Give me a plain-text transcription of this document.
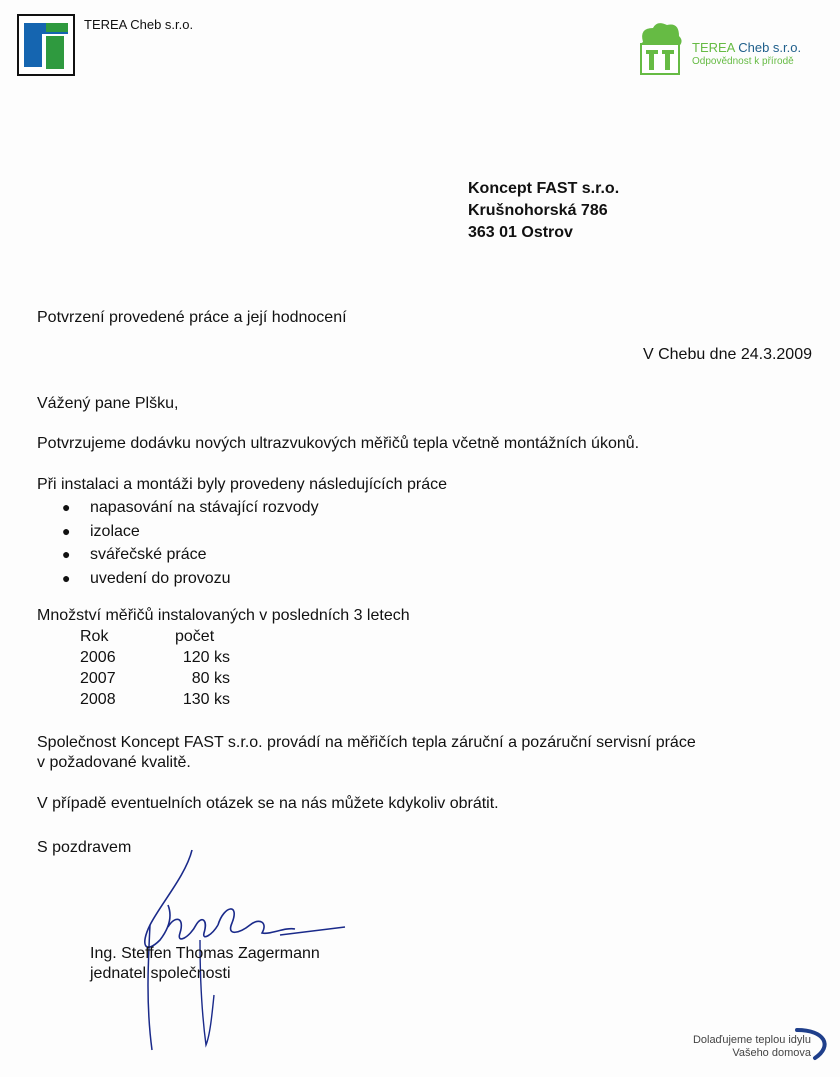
TEREA Cheb s.r.o.
TEREA Cheb s.r.o.
Odpovědnost k přírodě
Koncept FAST s.r.o.
Krušnohorská 786
363 01 Ostrov
Potvrzení provedené práce a její hodnocení
V Chebu dne 24.3.2009
Vážený pane Plšku,
Potvrzujeme dodávku nových ultrazvukových měřičů tepla včetně montážních úkonů.
Při instalaci a montáži byly provedeny následujících práce
● napasování na stávající rozvody
● izolace
● svářečské práce
● uvedení do provozu
Množství měřičů instalovaných v posledních 3 letech
Rok	počet
2006	120 ks
2007	80 ks
2008	130 ks
Společnost Koncept FAST s.r.o. provádí na měřičích tepla záruční a pozáruční servisní práce
v požadované kvalitě.
V případě eventuelních otázek se na nás můžete kdykoliv obrátit.
S pozdravem
Ing. Steffen Thomas Zagermann
jednatel společnosti
Dolaďujeme teplou idylu
Vašeho domova
